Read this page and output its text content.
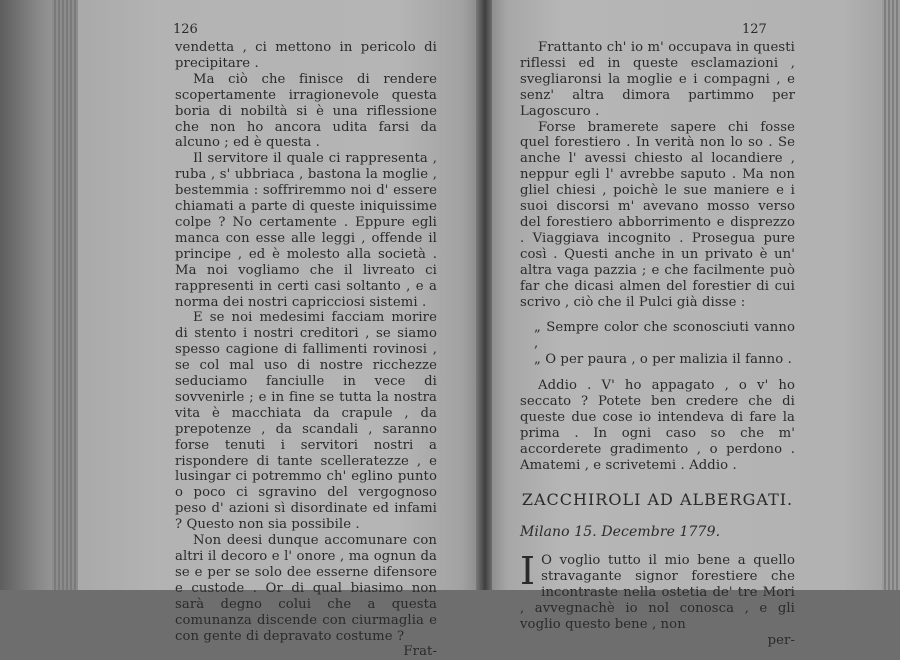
126

vendetta , ci mettono in pericolo di precipitare .

Ma ciò che finisce di rendere scopertamente irragionevole questa boria di nobiltà si è una riflessione che non ho ancora udita farsi da alcuno ; ed è questa .

Il servitore il quale ci rappresenta , ruba , s' ubbriaca , bastona la moglie , bestemmia : soffriremmo noi d' essere chiamati a parte di queste iniquissime colpe ? No certamente . Eppure egli manca con esse alle leggi , offende il principe , ed è molesto alla società . Ma noi vogliamo che il livreato ci rappresenti in certi casi soltanto , e a norma dei nostri capricciosi sistemi .

E se noi medesimi facciam morire di stento i nostri creditori , se siamo spesso cagione di fallimenti rovinosi , se col mal uso di nostre ricchezze seduciamo fanciulle in vece di sovvenirle ; e in fine se tutta la nostra vita è macchiata da crapule , da prepotenze , da scandali , saranno forse tenuti i servitori nostri a rispondere di tante scelleratezze , e lusingar ci potremmo ch' eglino punto o poco ci sgravino del vergognoso peso d' azioni sì disordinate ed infami ? Questo non sia possibile .

Non deesi dunque accomunare con altri il decoro e l' onore , ma ognun da se e per se solo dee esserne difensore e custode . Or di qual biasimo non sarà degno colui che a questa comunanza discende con ciurmaglia e con gente di depravato costume ?

Frat-

127

Frattanto ch' io m' occupava in questi riflessi ed in queste esclamazioni , svegliaronsi la moglie e i compagni , e senz' altra dimora partimmo per Lagoscuro .

Forse bramerete sapere chi fosse quel forestiero . In verità non lo so . Se anche l' avessi chiesto al locandiere , neppur egli l' avrebbe saputo . Ma non gliel chiesi , poichè le sue maniere e i suoi discorsi m' avevano mosso verso del forestiero abborrimento e disprezzo . Viaggiava incognito . Prosegua pure così . Questi anche in un privato è un' altra vaga pazzia ; e che facilmente può far che dicasi almen del forestier di cui scrivo , ciò che il Pulci già disse :

„ Sempre color che sconosciuti vanno ,

„ O per paura , o per malizia il fanno .

Addio . V' ho appagato , o v' ho seccato ? Potete ben credere che di queste due cose io intendeva di fare la prima . In ogni caso so che m' accorderete gradimento , o perdono . Amatemi , e scrivetemi . Addio .

ZACCHIROLI AD ALBERGATI.

Milano 15. Decembre 1779.

I O voglio tutto il mio bene a quello stravagante signor forestiere che incontraste nella ostetia de' tre Mori , avvegnachè io nol conosca , e gli voglio questo bene , non

per-
